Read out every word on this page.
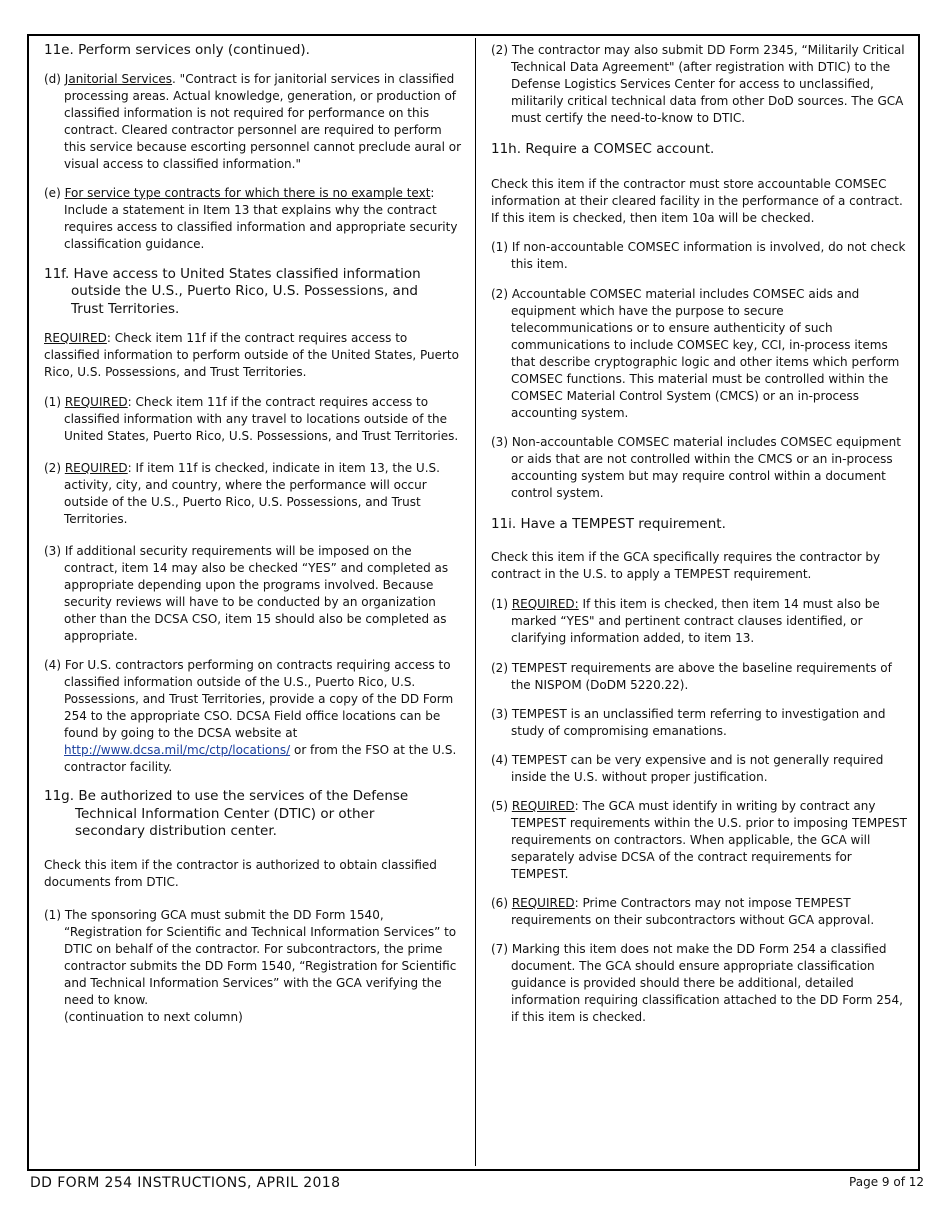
11e. Perform services only (continued).

(d) Janitorial Services. "Contract is for janitorial services in classified processing areas. Actual knowledge, generation, or production of classified information is not required for performance on this contract. Cleared contractor personnel are required to perform this service because escorting personnel cannot preclude aural or visual access to classified information."

(e) For service type contracts for which there is no example text: Include a statement in Item 13 that explains why the contract requires access to classified information and appropriate security classification guidance.

11f. Have access to United States classified information
outside the U.S., Puerto Rico, U.S. Possessions, and
Trust Territories.

REQUIRED: Check item 11f if the contract requires access to classified information to perform outside of the United States, Puerto Rico, U.S. Possessions, and Trust Territories.

(1) REQUIRED: Check item 11f if the contract requires access to classified information with any travel to locations outside of the United States, Puerto Rico, U.S. Possessions, and Trust Territories.

(2) REQUIRED: If item 11f is checked, indicate in item 13, the U.S. activity, city, and country, where the performance will occur outside of the U.S., Puerto Rico, U.S. Possessions, and Trust Territories.

(3) If additional security requirements will be imposed on the contract, item 14 may also be checked “YES” and completed as appropriate depending upon the programs involved. Because security reviews will have to be conducted by an organization other than the DCSA CSO, item 15 should also be completed as appropriate.

(4) For U.S. contractors performing on contracts requiring access to classified information outside of the U.S., Puerto Rico, U.S. Possessions, and Trust Territories, provide a copy of the DD Form 254 to the appropriate CSO. DCSA Field office locations can be found by going to the DCSA website at http://www.dcsa.mil/mc/ctp/locations/ or from the FSO at the U.S. contractor facility.

11g. Be authorized to use the services of the Defense
Technical Information Center (DTIC) or other
secondary distribution center.

Check this item if the contractor is authorized to obtain classified documents from DTIC.

(1) The sponsoring GCA must submit the DD Form 1540, “Registration for Scientific and Technical Information Services” to DTIC on behalf of the contractor. For subcontractors, the prime contractor submits the DD Form 1540, “Registration for Scientific and Technical Information Services” with the GCA verifying the need to know.

(continuation to next column)

(2) The contractor may also submit DD Form 2345, “Militarily Critical Technical Data Agreement" (after registration with DTIC) to the Defense Logistics Services Center for access to unclassified, militarily critical technical data from other DoD sources. The GCA must certify the need-to-know to DTIC.

11h. Require a COMSEC account.

Check this item if the contractor must store accountable COMSEC information at their cleared facility in the performance of a contract. If this item is checked, then item 10a will be checked.

(1) If non-accountable COMSEC information is involved, do not check this item.

(2) Accountable COMSEC material includes COMSEC aids and equipment which have the purpose to secure telecommunications or to ensure authenticity of such communications to include COMSEC key, CCI, in-process items that describe cryptographic logic and other items which perform COMSEC functions. This material must be controlled within the COMSEC Material Control System (CMCS) or an in-process accounting system.

(3) Non-accountable COMSEC material includes COMSEC equipment or aids that are not controlled within the CMCS or an in-process accounting system but may require control within a document control system.

11i. Have a TEMPEST requirement.

Check this item if the GCA specifically requires the contractor by contract in the U.S. to apply a TEMPEST requirement.

(1) REQUIRED: If this item is checked, then item 14 must also be marked “YES" and pertinent contract clauses identified, or clarifying information added, to item 13.

(2) TEMPEST requirements are above the baseline requirements of the NISPOM (DoDM 5220.22).

(3) TEMPEST is an unclassified term referring to investigation and study of compromising emanations.

(4) TEMPEST can be very expensive and is not generally required inside the U.S. without proper justification.

(5) REQUIRED: The GCA must identify in writing by contract any TEMPEST requirements within the U.S. prior to imposing TEMPEST requirements on contractors. When applicable, the GCA will separately advise DCSA of the contract requirements for TEMPEST.

(6) REQUIRED: Prime Contractors may not impose TEMPEST requirements on their subcontractors without GCA approval.

(7) Marking this item does not make the DD Form 254 a classified document. The GCA should ensure appropriate classification guidance is provided should there be additional, detailed information requiring classification attached to the DD Form 254, if this item is checked.

DD FORM 254 INSTRUCTIONS, APRIL 2018	Page 9 of 12
